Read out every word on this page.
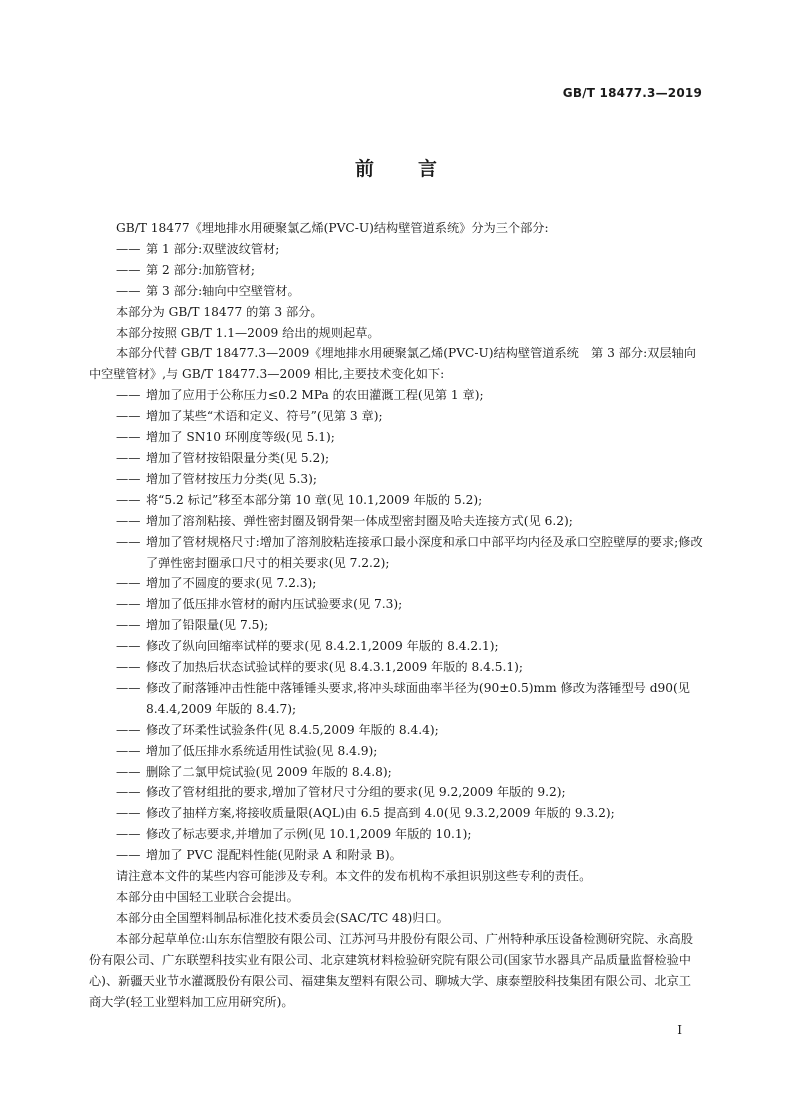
GB/T 18477.3—2019
前言

GB/T 18477《埋地排水用硬聚氯乙烯(PVC-U)结构壁管道系统》分为三个部分:

—— 第 1 部分:双壁波纹管材;
—— 第 2 部分:加筋管材;
—— 第 3 部分:轴向中空壁管材。

本部分为 GB/T 18477 的第 3 部分。

本部分按照 GB/T 1.1—2009 给出的规则起草。

本部分代替 GB/T 18477.3—2009《埋地排水用硬聚氯乙烯(PVC-U)结构壁管道系统　第 3 部分:双层轴向中空壁管材》,与 GB/T 18477.3—2009 相比,主要技术变化如下:

—— 增加了应用于公称压力≤0.2 MPa 的农田灌溉工程(见第 1 章);
—— 增加了某些“术语和定义、符号”(见第 3 章);
—— 增加了 SN10 环刚度等级(见 5.1);
—— 增加了管材按铅限量分类(见 5.2);
—— 增加了管材按压力分类(见 5.3);
—— 将“5.2 标记”移至本部分第 10 章(见 10.1,2009 年版的 5.2);
—— 增加了溶剂粘接、弹性密封圈及钢骨架一体成型密封圈及哈夫连接方式(见 6.2);
—— 增加了管材规格尺寸:增加了溶剂胶粘连接承口最小深度和承口中部平均内径及承口空腔壁厚的要求;修改了弹性密封圈承口尺寸的相关要求(见 7.2.2);
—— 增加了不圆度的要求(见 7.2.3);
—— 增加了低压排水管材的耐内压试验要求(见 7.3);
—— 增加了铅限量(见 7.5);
—— 修改了纵向回缩率试样的要求(见 8.4.2.1,2009 年版的 8.4.2.1);
—— 修改了加热后状态试验试样的要求(见 8.4.3.1,2009 年版的 8.4.5.1);
—— 修改了耐落锤冲击性能中落锤锤头要求,将冲头球面曲率半径为(90±0.5)mm 修改为落锤型号 d90(见 8.4.4,2009 年版的 8.4.7);
—— 修改了环柔性试验条件(见 8.4.5,2009 年版的 8.4.4);
—— 增加了低压排水系统适用性试验(见 8.4.9);
—— 删除了二氯甲烷试验(见 2009 年版的 8.4.8);
—— 修改了管材组批的要求,增加了管材尺寸分组的要求(见 9.2,2009 年版的 9.2);
—— 修改了抽样方案,将接收质量限(AQL)由 6.5 提高到 4.0(见 9.3.2,2009 年版的 9.3.2);
—— 修改了标志要求,并增加了示例(见 10.1,2009 年版的 10.1);
—— 增加了 PVC 混配料性能(见附录 A 和附录 B)。

请注意本文件的某些内容可能涉及专利。本文件的发布机构不承担识别这些专利的责任。

本部分由中国轻工业联合会提出。

本部分由全国塑料制品标准化技术委员会(SAC/TC 48)归口。

本部分起草单位:山东东信塑胶有限公司、江苏河马井股份有限公司、广州特种承压设备检测研究院、永高股份有限公司、广东联塑科技实业有限公司、北京建筑材料检验研究院有限公司(国家节水器具产品质量监督检验中心)、新疆天业节水灌溉股份有限公司、福建集友塑料有限公司、聊城大学、康泰塑胶科技集团有限公司、北京工商大学(轻工业塑料加工应用研究所)。

I
